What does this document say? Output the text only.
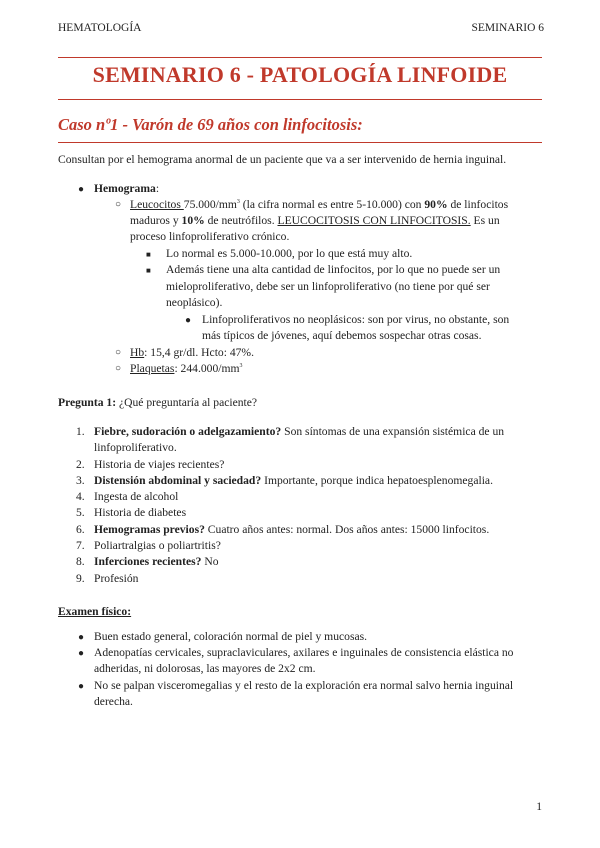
HEMATOLOGÍA	SEMINARIO 6
SEMINARIO 6 - PATOLOGÍA LINFOIDE
Caso nº1 - Varón de 69 años con linfocitosis:
Consultan por el hemograma anormal de un paciente que va a ser intervenido de hernia inguinal.
● Hemograma:
○ Leucocitos $75.000/mm^3$ (la cifra normal es entre 5-10.000) con 90% de linfocitos
maduros y 10% de neutrófilos. LEUCOCITOSIS CON LINFOCITOSIS. Es un
proceso linfoproliferativo crónico.
■ Lo normal es 5.000-10.000, por lo que está muy alto.
■ Además tiene una alta cantidad de linfocitos, por lo que no puede ser un
mieloproliferativo, debe ser un linfoproliferativo (no tiene por qué ser
neoplásico).
● Linfoproliferativos no neoplásicos: son por virus, no obstante, son
más típicos de jóvenes, aquí debemos sospechar otras cosas.
○ Hb: 15,4 gr/dl. Hcto: 47%.
○ Plaquetas: $244.000/mm^3$
Pregunta 1: ¿Qué preguntaría al paciente?
1. Fiebre, sudoración o adelgazamiento? Son síntomas de una expansión sistémica de un
linfoproliferativo.
2. Historia de viajes recientes?
3. Distensión abdominal y saciedad? Importante, porque indica hepatoesplenomegalia.
4. Ingesta de alcohol
5. Historia de diabetes
6. Hemogramas previos? Cuatro años antes: normal. Dos años antes: 15000 linfocitos.
7. Poliartralgias o poliartritis?
8. Inferciones recientes? No
9. Profesión
Examen físico:
● Buen estado general, coloración normal de piel y mucosas.
● Adenopatías cervicales, supraclaviculares, axilares e inguinales de consistencia elástica no
adheridas, ni dolorosas, las mayores de 2x2 cm.
● No se palpan visceromegalias y el resto de la exploración era normal salvo hernia inguinal
derecha.
1
